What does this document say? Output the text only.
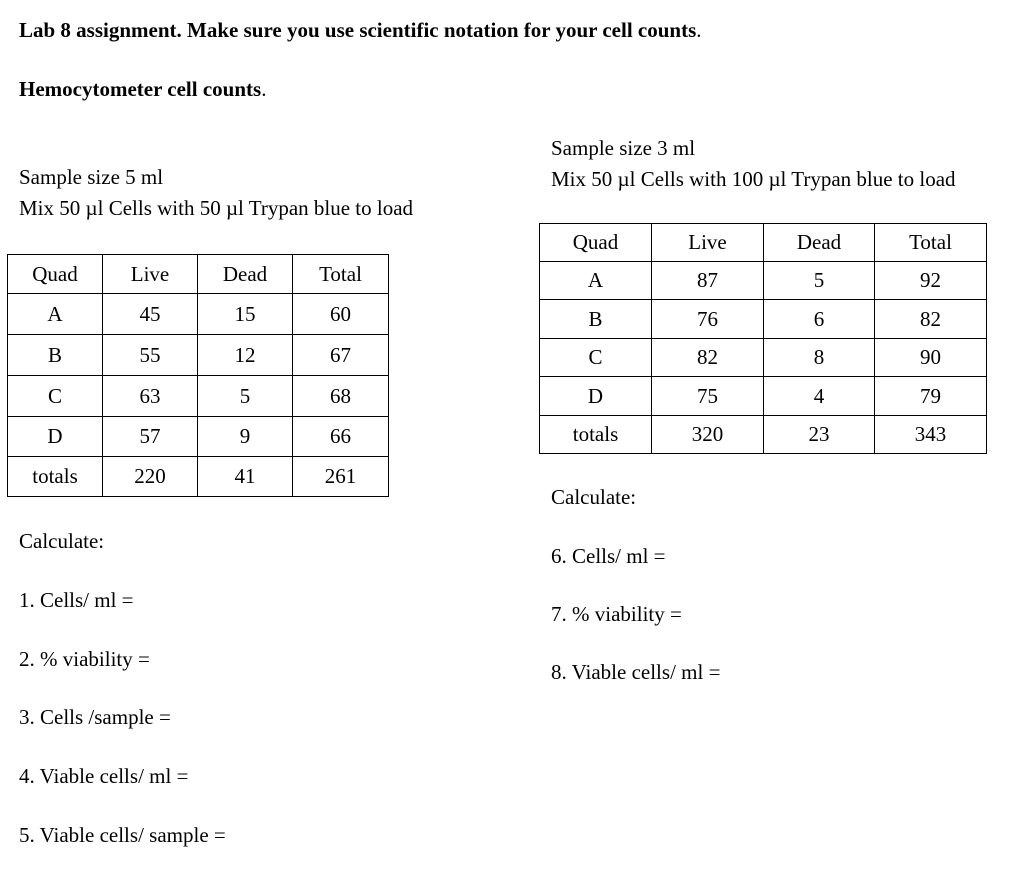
Lab 8 assignment. Make sure you use scientific notation for your cell counts.
Hemocytometer cell counts.
Sample size 5 ml
Mix 50 µl Cells with 50 µl Trypan blue to load
Quad	Live	Dead	Total
A	45	15	60
B	55	12	67
C	63	5	68
D	57	9	66
totals	220	41	261
Calculate:
1. Cells/ ml =
2. % viability =
3. Cells /sample =
4. Viable cells/ ml =
5. Viable cells/ sample =
Sample size 3 ml
Mix 50 µl Cells with 100 µl Trypan blue to load
Quad	Live	Dead	Total
A	87	5	92
B	76	6	82
C	82	8	90
D	75	4	79
totals	320	23	343
Calculate:
6. Cells/ ml =
7. % viability =
8. Viable cells/ ml =
